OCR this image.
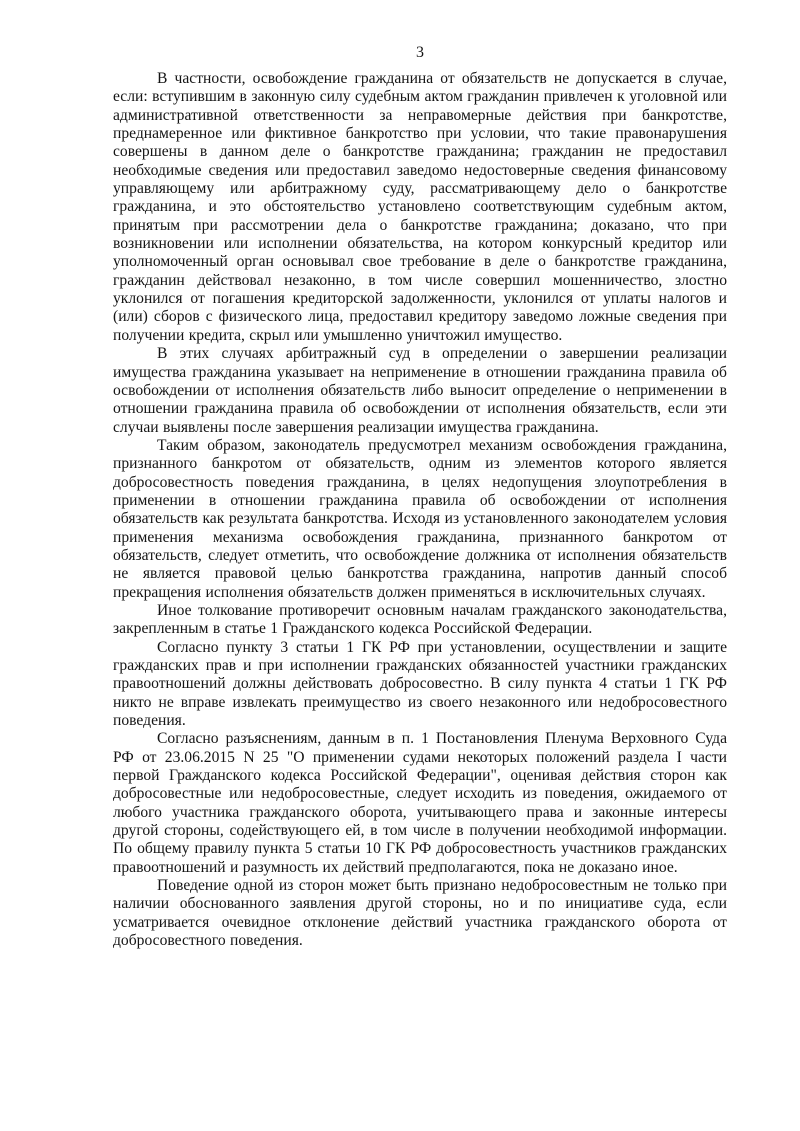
3

В частности, освобождение гражданина от обязательств не допускается в случае, если: вступившим в законную силу судебным актом гражданин привлечен к уголовной или административной ответственности за неправомерные действия при банкротстве, преднамеренное или фиктивное банкротство при условии, что такие правонарушения совершены в данном деле о банкротстве гражданина; гражданин не предоставил необходимые сведения или предоставил заведомо недостоверные сведения финансовому управляющему или арбитражному суду, рассматривающему дело о банкротстве гражданина, и это обстоятельство установлено соответствующим судебным актом, принятым при рассмотрении дела о банкротстве гражданина; доказано, что при возникновении или исполнении обязательства, на котором конкурсный кредитор или уполномоченный орган основывал свое требование в деле о банкротстве гражданина, гражданин действовал незаконно, в том числе совершил мошенничество, злостно уклонился от погашения кредиторской задолженности, уклонился от уплаты налогов и (или) сборов с физического лица, предоставил кредитору заведомо ложные сведения при получении кредита, скрыл или умышленно уничтожил имущество.

В этих случаях арбитражный суд в определении о завершении реализации имущества гражданина указывает на неприменение в отношении гражданина правила об освобождении от исполнения обязательств либо выносит определение о неприменении в отношении гражданина правила об освобождении от исполнения обязательств, если эти случаи выявлены после завершения реализации имущества гражданина.

Таким образом, законодатель предусмотрел механизм освобождения гражданина, признанного банкротом от обязательств, одним из элементов которого является добросовестность поведения гражданина, в целях недопущения злоупотребления в применении в отношении гражданина правила об освобождении от исполнения обязательств как результата банкротства. Исходя из установленного законодателем условия применения механизма освобождения гражданина, признанного банкротом от обязательств, следует отметить, что освобождение должника от исполнения обязательств не является правовой целью банкротства гражданина, напротив данный способ прекращения исполнения обязательств должен применяться в исключительных случаях.

Иное толкование противоречит основным началам гражданского законодательства, закрепленным в статье 1 Гражданского кодекса Российской Федерации.

Согласно пункту 3 статьи 1 ГК РФ при установлении, осуществлении и защите гражданских прав и при исполнении гражданских обязанностей участники гражданских правоотношений должны действовать добросовестно. В силу пункта 4 статьи 1 ГК РФ никто не вправе извлекать преимущество из своего незаконного или недобросовестного поведения.

Согласно разъяснениям, данным в п. 1 Постановления Пленума Верховного Суда РФ от 23.06.2015 N 25 "О применении судами некоторых положений раздела I части первой Гражданского кодекса Российской Федерации", оценивая действия сторон как добросовестные или недобросовестные, следует исходить из поведения, ожидаемого от любого участника гражданского оборота, учитывающего права и законные интересы другой стороны, содействующего ей, в том числе в получении необходимой информации. По общему правилу пункта 5 статьи 10 ГК РФ добросовестность участников гражданских правоотношений и разумность их действий предполагаются, пока не доказано иное.

Поведение одной из сторон может быть признано недобросовестным не только при наличии обоснованного заявления другой стороны, но и по инициативе суда, если усматривается очевидное отклонение действий участника гражданского оборота от добросовестного поведения.
